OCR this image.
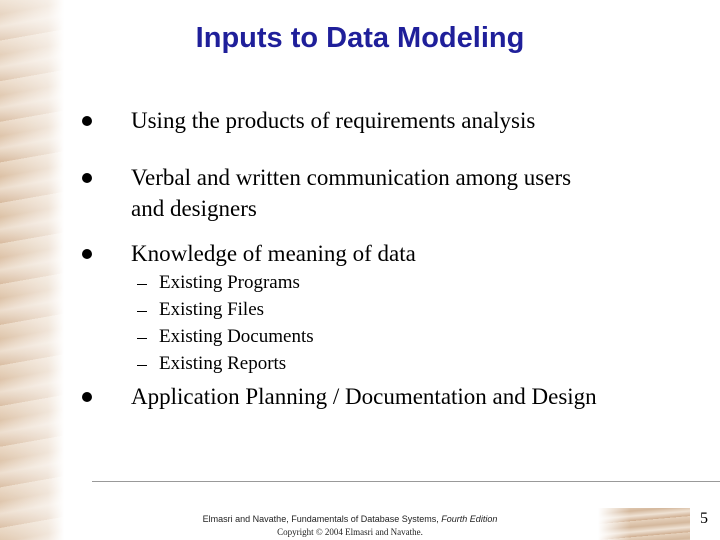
Inputs to Data Modeling
Using the products of requirements analysis
Verbal and written communication among users and designers
Knowledge of meaning of data
Existing Programs
Existing Files
Existing Documents
Existing Reports
Application Planning / Documentation and Design
Elmasri and Navathe, Fundamentals of Database Systems, Fourth Edition
Copyright © 2004 Elmasri and Navathe.
5
